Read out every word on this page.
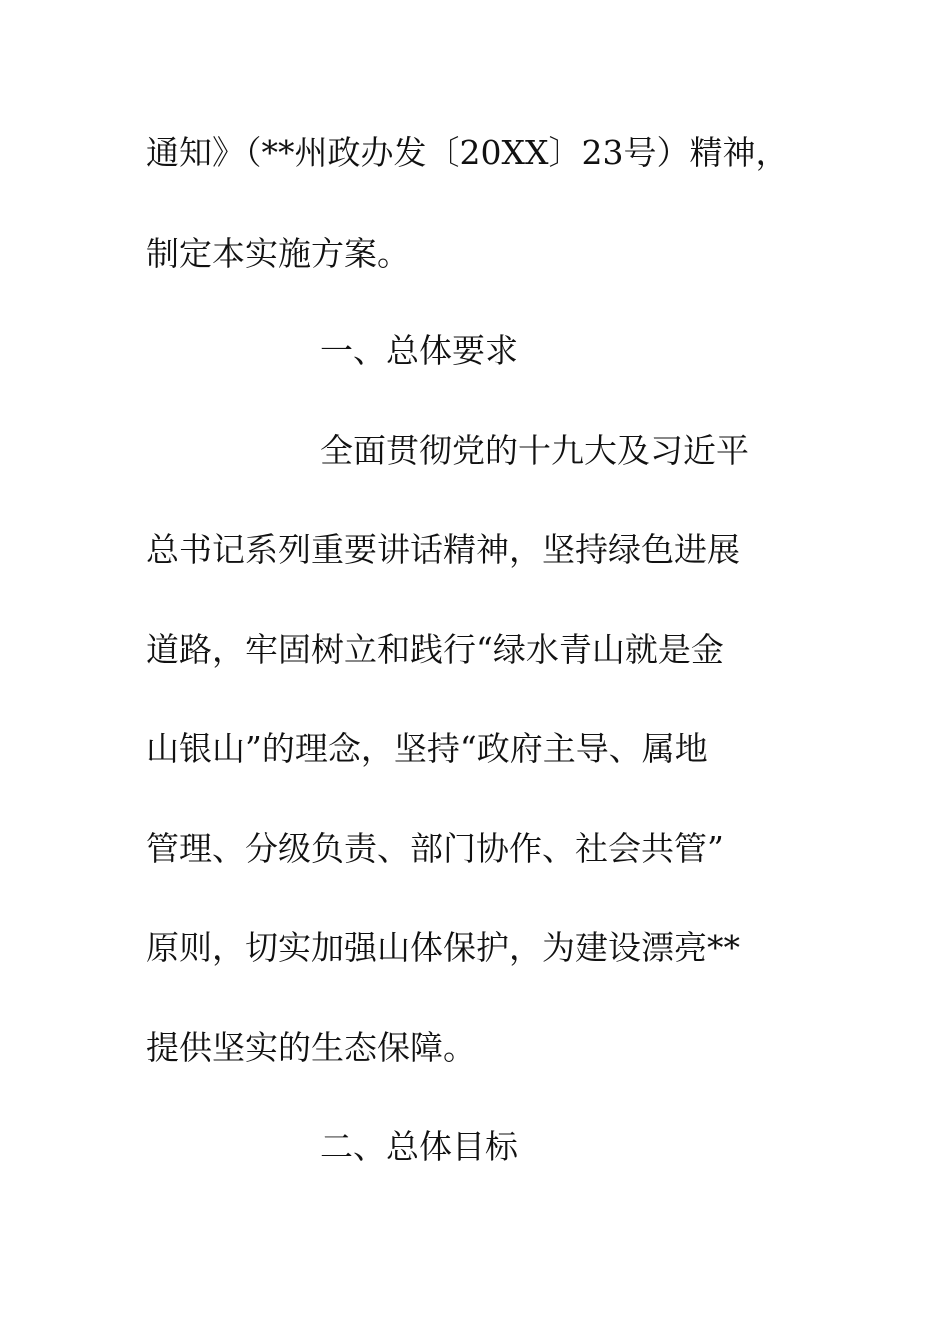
通知》（**州政办发〔20XX〕23号）精神，
制定本实施方案。
一、总体要求
全面贯彻党的十九大及习近平
总书记系列重要讲话精神，坚持绿色进展
道路，牢固树立和践行“绿水青山就是金
山银山”的理念，坚持“政府主导、属地
管理、分级负责、部门协作、社会共管”
原则，切实加强山体保护，为建设漂亮**
提供坚实的生态保障。
二、总体目标
